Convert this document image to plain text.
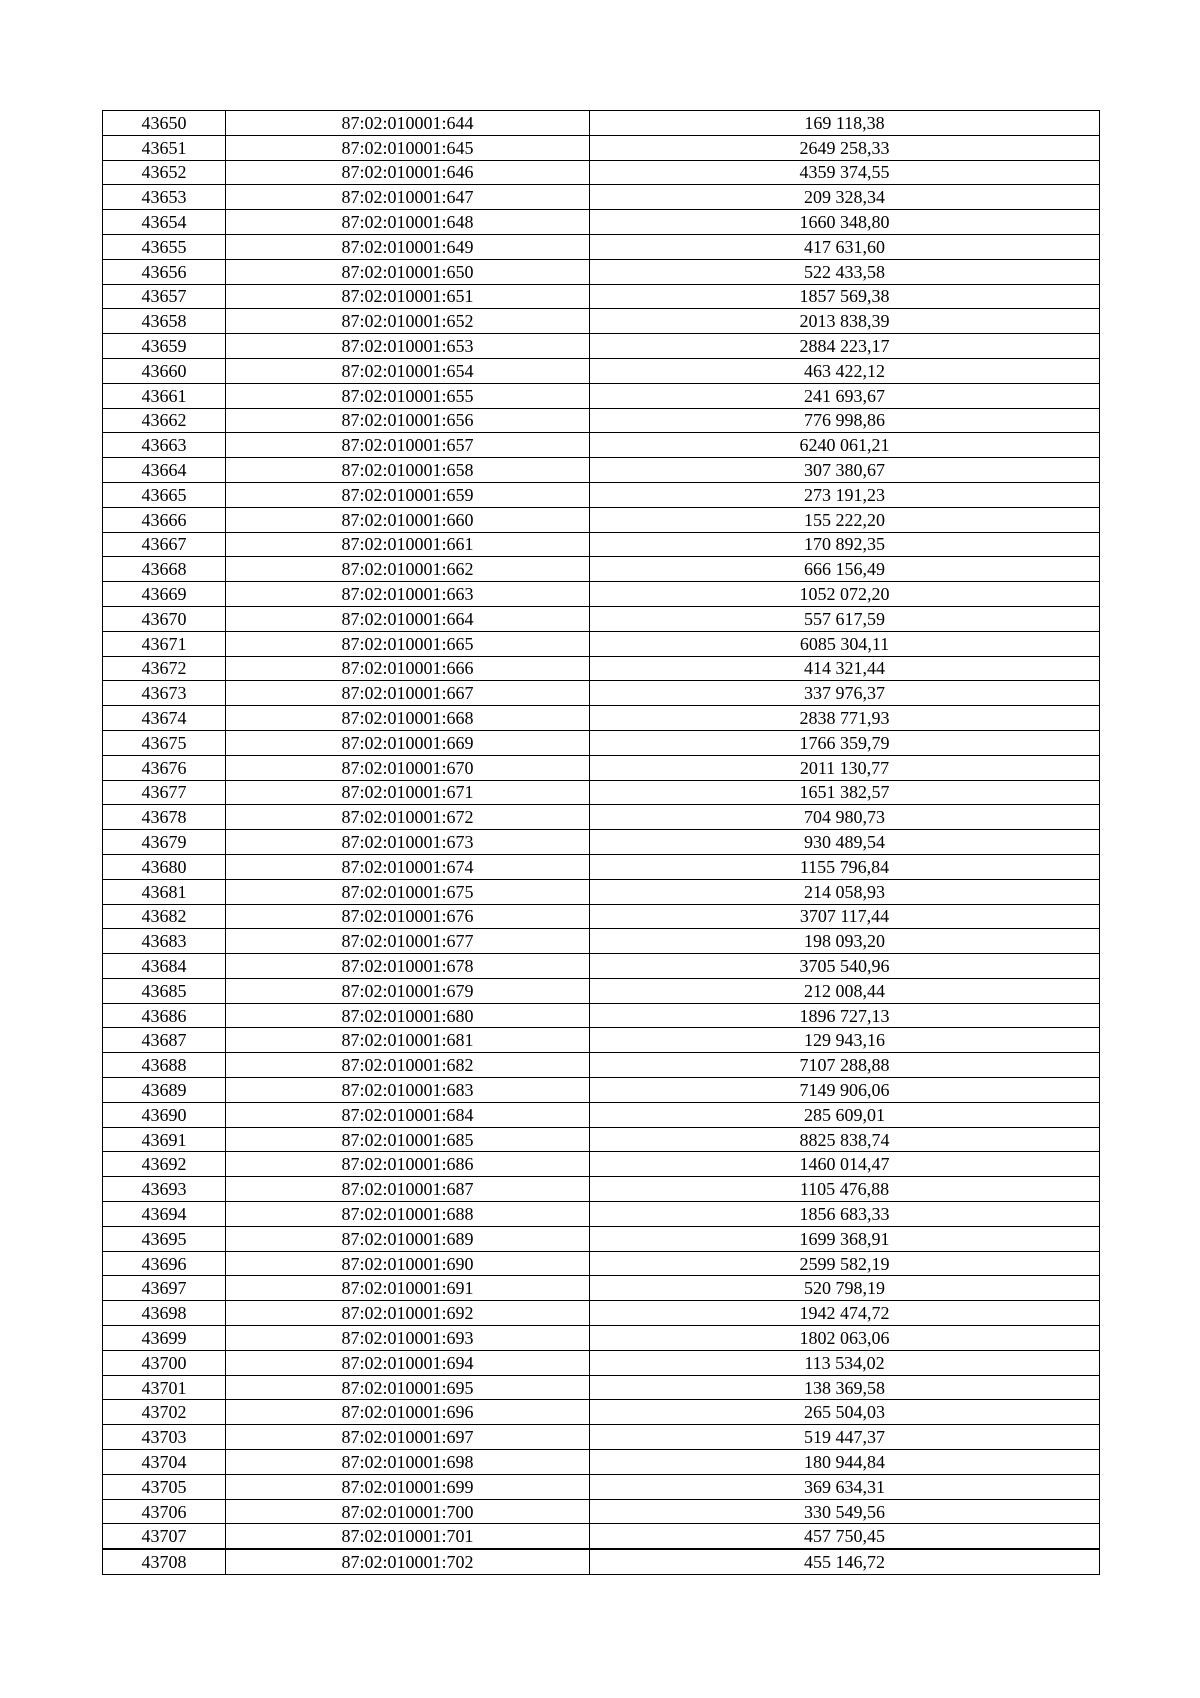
43650	87:02:010001:644	169 118,38
43651	87:02:010001:645	2649 258,33
43652	87:02:010001:646	4359 374,55
43653	87:02:010001:647	209 328,34
43654	87:02:010001:648	1660 348,80
43655	87:02:010001:649	417 631,60
43656	87:02:010001:650	522 433,58
43657	87:02:010001:651	1857 569,38
43658	87:02:010001:652	2013 838,39
43659	87:02:010001:653	2884 223,17
43660	87:02:010001:654	463 422,12
43661	87:02:010001:655	241 693,67
43662	87:02:010001:656	776 998,86
43663	87:02:010001:657	6240 061,21
43664	87:02:010001:658	307 380,67
43665	87:02:010001:659	273 191,23
43666	87:02:010001:660	155 222,20
43667	87:02:010001:661	170 892,35
43668	87:02:010001:662	666 156,49
43669	87:02:010001:663	1052 072,20
43670	87:02:010001:664	557 617,59
43671	87:02:010001:665	6085 304,11
43672	87:02:010001:666	414 321,44
43673	87:02:010001:667	337 976,37
43674	87:02:010001:668	2838 771,93
43675	87:02:010001:669	1766 359,79
43676	87:02:010001:670	2011 130,77
43677	87:02:010001:671	1651 382,57
43678	87:02:010001:672	704 980,73
43679	87:02:010001:673	930 489,54
43680	87:02:010001:674	1155 796,84
43681	87:02:010001:675	214 058,93
43682	87:02:010001:676	3707 117,44
43683	87:02:010001:677	198 093,20
43684	87:02:010001:678	3705 540,96
43685	87:02:010001:679	212 008,44
43686	87:02:010001:680	1896 727,13
43687	87:02:010001:681	129 943,16
43688	87:02:010001:682	7107 288,88
43689	87:02:010001:683	7149 906,06
43690	87:02:010001:684	285 609,01
43691	87:02:010001:685	8825 838,74
43692	87:02:010001:686	1460 014,47
43693	87:02:010001:687	1105 476,88
43694	87:02:010001:688	1856 683,33
43695	87:02:010001:689	1699 368,91
43696	87:02:010001:690	2599 582,19
43697	87:02:010001:691	520 798,19
43698	87:02:010001:692	1942 474,72
43699	87:02:010001:693	1802 063,06
43700	87:02:010001:694	113 534,02
43701	87:02:010001:695	138 369,58
43702	87:02:010001:696	265 504,03
43703	87:02:010001:697	519 447,37
43704	87:02:010001:698	180 944,84
43705	87:02:010001:699	369 634,31
43706	87:02:010001:700	330 549,56
43707	87:02:010001:701	457 750,45
43708	87:02:010001:702	455 146,72
